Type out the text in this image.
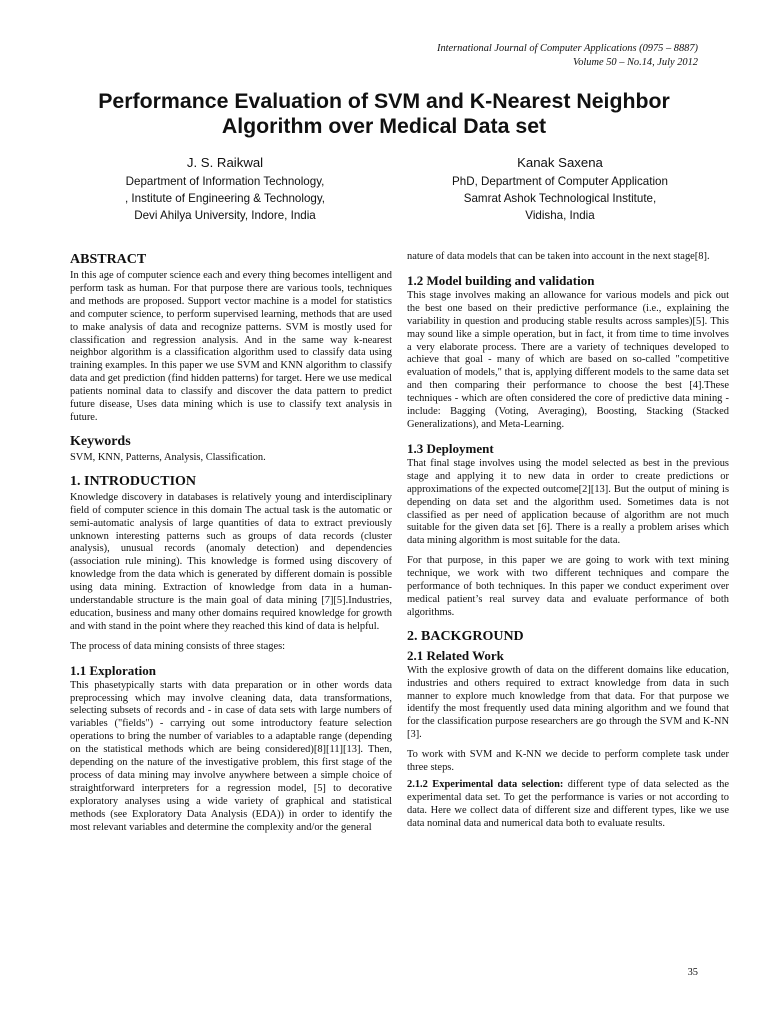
International Journal of Computer Applications (0975 – 8887)
Volume 50 – No.14, July 2012
Performance Evaluation of SVM and K-Nearest Neighbor
Algorithm over Medical Data set
J. S. Raikwal
Department of Information Technology,
, Institute of Engineering & Technology,
Devi Ahilya University, Indore, India
Kanak Saxena
PhD, Department of Computer Application
Samrat Ashok Technological Institute,
Vidisha, India
ABSTRACT

In this age of computer science each and every thing becomes intelligent and perform task as human. For that purpose there are various tools, techniques and methods are proposed. Support vector machine is a model for statistics and computer science, to perform supervised learning, methods that are used to make analysis of data and recognize patterns. SVM is mostly used for classification and regression analysis. And in the same way k-nearest neighbor algorithm is a classification algorithm used to classify data using training examples. In this paper we use SVM and KNN algorithm to classify data and get prediction (find hidden patterns) for target. Here we use medical patients nominal data to classify and discover the data pattern to predict future disease, Uses data mining which is use to classify text analysis in future.

Keywords

SVM, KNN, Patterns, Analysis, Classification.

1. INTRODUCTION

Knowledge discovery in databases is relatively young and interdisciplinary field of computer science in this domain The actual task is the automatic or semi-automatic analysis of large quantities of data to extract previously unknown interesting patterns such as groups of data records (cluster analysis), unusual records (anomaly detection) and dependencies (association rule mining). This knowledge is formed using discovery of knowledge from the data which is generated by different domain is possible using data mining. Extraction of knowledge from data in a human-understandable structure is the main goal of data mining [7][5].Industries, education, business and many other domains required knowledge for growth and with stand in the point where they reached this kind of data is helpful.

The process of data mining consists of three stages:

1.1 Exploration

This phasetypically starts with data preparation or in other words data preprocessing which may involve cleaning data, data transformations, selecting subsets of records and - in case of data sets with large numbers of variables ("fields") - carrying out some introductory feature selection operations to bring the number of variables to a adaptable range (depending on the statistical methods which are being considered)[8][11][13]. Then, depending on the nature of the investigative problem, this first stage of the process of data mining may involve anywhere between a simple choice of straightforward interpreters for a regression model, [5] to decorative exploratory analyses using a wide variety of graphical and statistical methods (see Exploratory Data Analysis (EDA)) in order to identify the most relevant variables and determine the complexity and/or the general

nature of data models that can be taken into account in the next stage[8].

1.2 Model building and validation

This stage involves making an allowance for various models and pick out the best one based on their predictive performance (i.e., explaining the variability in question and producing stable results across samples)[5]. This may sound like a simple operation, but in fact, it from time to time involves a very elaborate process. There are a variety of techniques developed to achieve that goal - many of which are based on so-called "competitive evaluation of models," that is, applying different models to the same data set and then comparing their performance to choose the best [4].These techniques - which are often considered the core of predictive data mining - include: Bagging (Voting, Averaging), Boosting, Stacking (Stacked Generalizations), and Meta-Learning.

1.3 Deployment

That final stage involves using the model selected as best in the previous stage and applying it to new data in order to create predictions or approximations of the expected outcome[2][13]. But the output of mining is depending on data set and the algorithm used. Sometimes data is not classified as per need of application because of algorithm are not much suitable for the given data set [6]. There is a really a problem arises which data mining algorithm is most suitable for the data.

For that purpose, in this paper we are going to work with text mining technique, we work with two different techniques and compare the performance of both techniques. In this paper we conduct experiment over medical patient’s real survey data and evaluate performance of both algorithms.

2. BACKGROUND
2.1 Related Work

With the explosive growth of data on the different domains like education, industries and others required to extract knowledge from data in such manner to explore much knowledge from that data. For that purpose we identify the most frequently used data mining algorithm and we found that for the classification purpose researchers are go through the SVM and K-NN [3].

To work with SVM and K-NN we decide to perform complete task under three steps.

2.1.2 Experimental data selection: different type of data selected as the experimental data set. To get the performance is varies or not according to data. Here we collect data of different size and different types, like we use data nominal data and numerical data both to evaluate results.

35
